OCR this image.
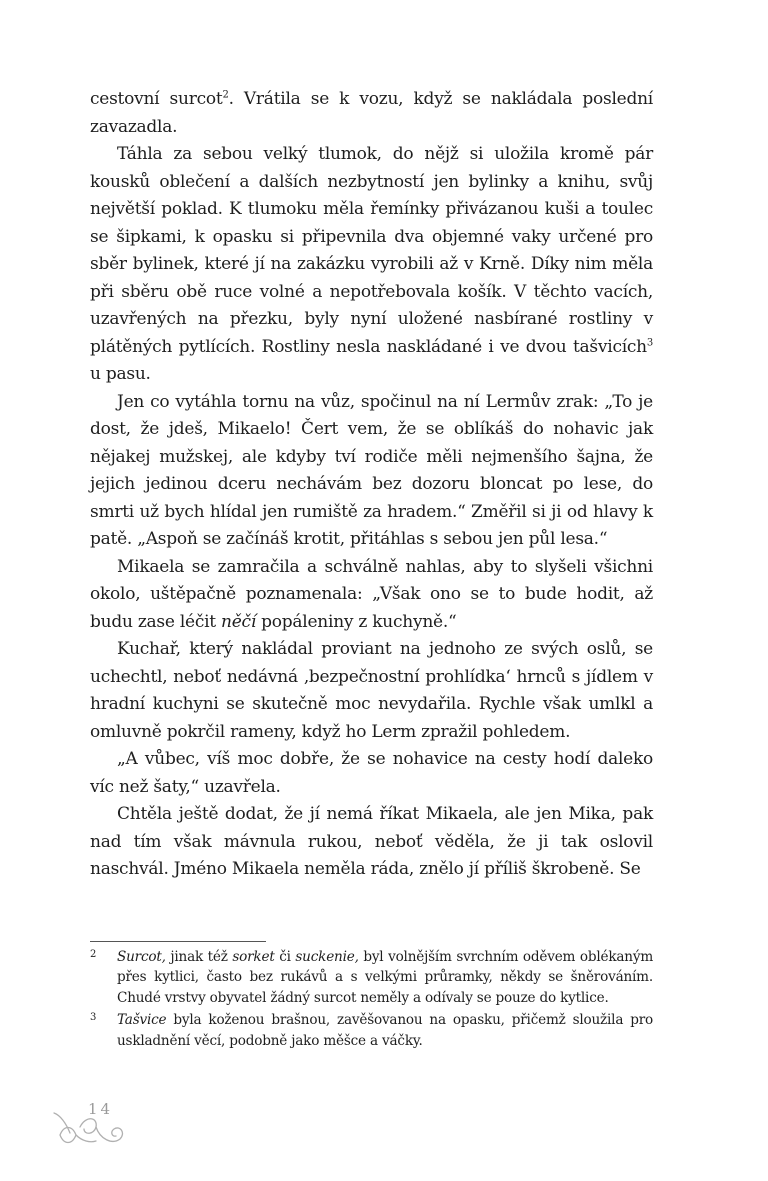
cestovní surcot$^2$. Vrátila se k vozu, když se nakládala poslední zavazadla.

Táhla za sebou velký tlumok, do nějž si uložila kromě pár kousků oblečení a dalších nezbytností jen bylinky a knihu, svůj největší poklad. K tlumoku měla řemínky přivázanou kuši a toulec se šipkami, k opasku si připevnila dva objemné vaky určené pro sběr bylinek, které jí na zakázku vyrobili až v Krně. Díky nim měla při sběru obě ruce volné a nepotřebovala košík. V těchto vacích, uzavřených na přezku, byly nyní uložené nasbírané rostliny v plátěných pytlících. Rostliny nesla naskládané i ve dvou tašvicích$^3$ u pasu.

Jen co vytáhla tornu na vůz, spočinul na ní Lermův zrak: „To je dost, že jdeš, Mikaelo! Čert vem, že se oblíkáš do nohavic jak nějakej mužskej, ale kdyby tví rodiče měli nejmenšího šajna, že jejich jedinou dceru nechávám bez dozoru bloncat po lese, do smrti už bych hlídal jen rumiště za hradem.“ Změřil si ji od hlavy k patě. „Aspoň se začínáš krotit, přitáhlas s sebou jen půl lesa.“

Mikaela se zamračila a schválně nahlas, aby to slyšeli všichni okolo, uštěpačně poznamenala: „Však ono se to bude hodit, až budu zase léčit něčí popáleniny z kuchyně.“

Kuchař, který nakládal proviant na jednoho ze svých oslů, se uchechtl, neboť nedávná ‚bezpečnostní prohlídka‘ hrnců s jídlem v hradní kuchyni se skutečně moc nevydařila. Rychle však umlkl a omluvně pokrčil rameny, když ho Lerm zpražil pohledem.

„A vůbec, víš moc dobře, že se nohavice na cesty hodí daleko víc než šaty,“ uzavřela.

Chtěla ještě dodat, že jí nemá říkat Mikaela, ale jen Mika, pak nad tím však mávnula rukou, neboť věděla, že ji tak oslovil naschvál. Jméno Mikaela neměla ráda, znělo jí příliš škrobeně. Se

2 Surcot, jinak též sorket či suckenie, byl volnějším svrchním oděvem oblékaným přes kytlici, často bez rukávů a s velkými průramky, někdy se šněrováním. Chudé vrstvy obyvatel žádný surcot neměly a odívaly se pouze do kytlice.
3 Tašvice byla koženou brašnou, zavěšovanou na opasku, přičemž sloužila pro uskladnění věcí, podobně jako měšce a váčky.
14
